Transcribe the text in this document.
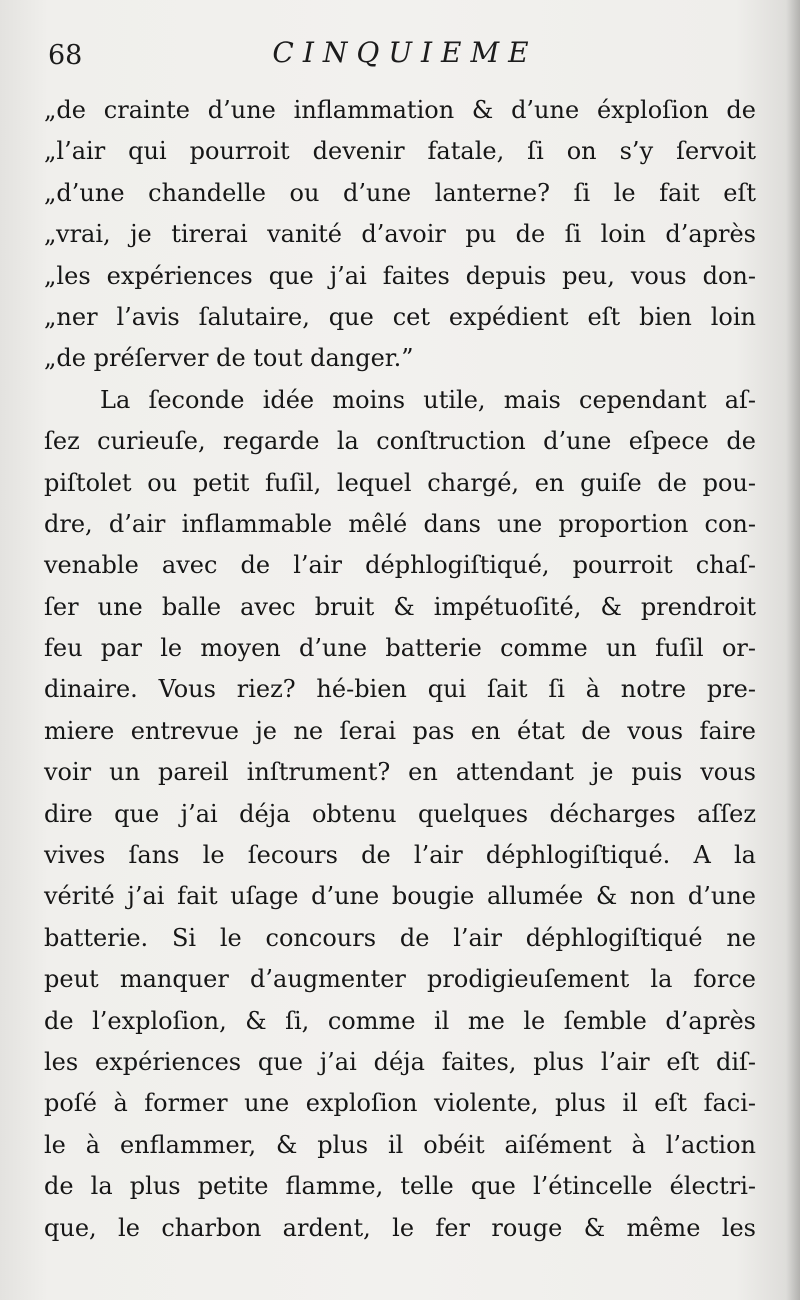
68	CINQUIEME
„de crainte d’une inflammation & d’une éxploſion de
„l’air qui pourroit devenir fatale, ſi on s’y ſervoit
„d’une chandelle ou d’une lanterne? ſi le fait eſt
„vrai, je tirerai vanité d’avoir pu de ſi loin d’après
„les expériences que j’ai faites depuis peu, vous don-
„ner l’avis ſalutaire, que cet expédient eſt bien loin
„de préſerver de tout danger.”
La ſeconde idée moins utile, mais cependant aſ-
ſez curieuſe, regarde la conſtruction d’une eſpece de
piſtolet ou petit fuſil, lequel chargé, en guiſe de pou-
dre, d’air inflammable mêlé dans une proportion con-
venable avec de l’air déphlogiſtiqué, pourroit chaſ-
ſer une balle avec bruit & impétuoſité, & prendroit
feu par le moyen d’une batterie comme un fuſil or-
dinaire. Vous riez? hé-bien qui ſait ſi à notre pre-
miere entrevue je ne ſerai pas en état de vous faire
voir un pareil inſtrument? en attendant je puis vous
dire que j’ai déja obtenu quelques décharges aſſez
vives ſans le ſecours de l’air déphlogiſtiqué. A la
vérité j’ai fait uſage d’une bougie allumée & non d’une
batterie. Si le concours de l’air déphlogiſtiqué ne
peut manquer d’augmenter prodigieuſement la force
de l’exploſion, & ſi, comme il me le ſemble d’après
les expériences que j’ai déja faites, plus l’air eſt diſ-
poſé à former une exploſion violente, plus il eſt faci-
le à enflammer, & plus il obéit aiſément à l’action
de la plus petite flamme, telle que l’étincelle électri-
que, le charbon ardent, le fer rouge & même les
